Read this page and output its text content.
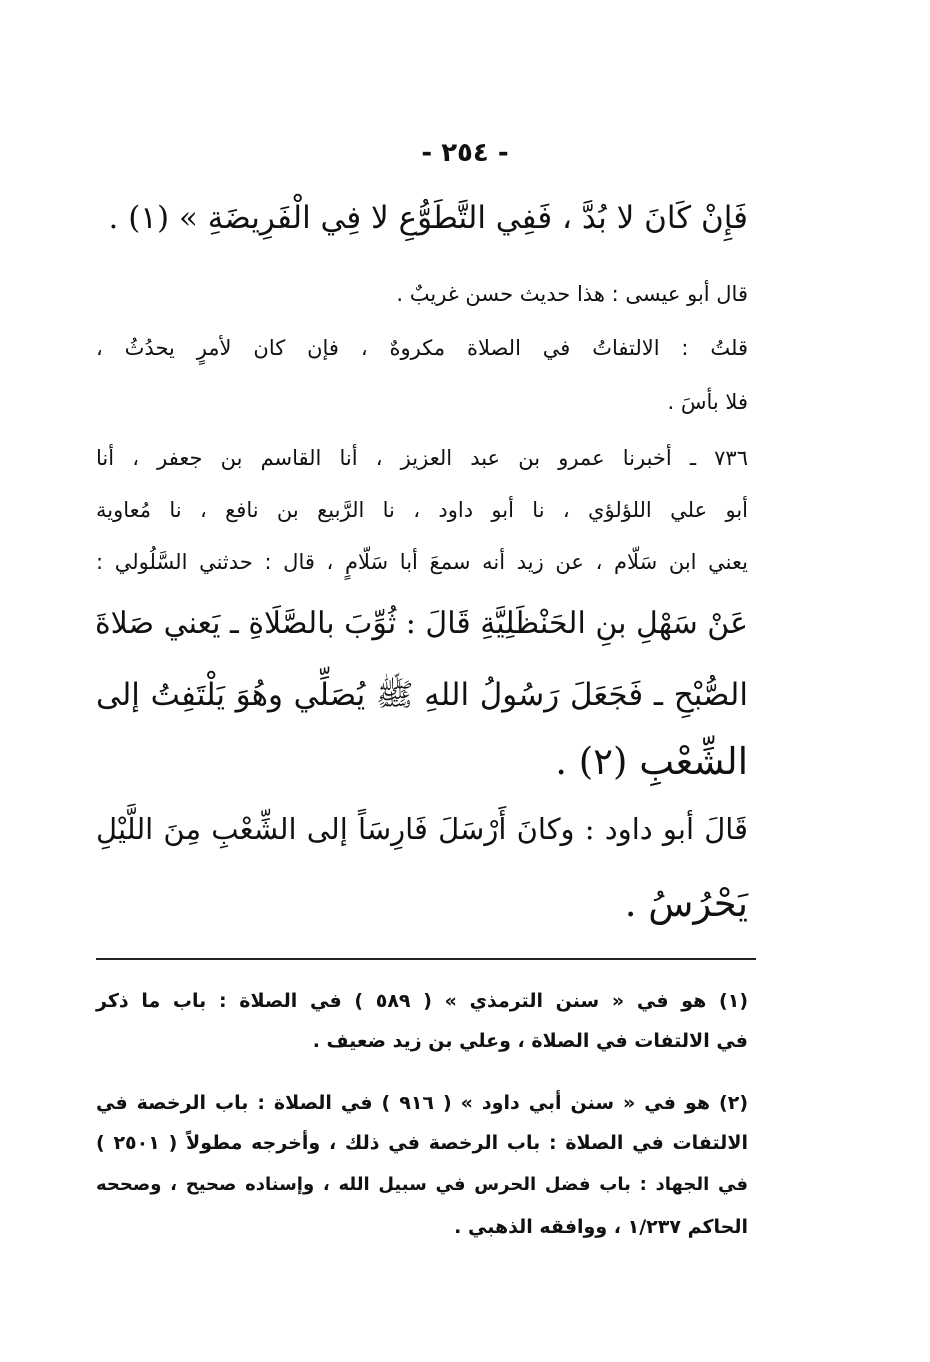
- ٢٥٤ -
فَإِنْ كَانَ لا بُدَّ ، فَفِي التَّطَوُّعِ لا فِي الْفَرِيضَةِ » (١) .
قال أبو عيسى : هذا حديث حسن غريبٌ .
قلتُ : الالتفاتُ في الصلاة مكروهٌ ، فإن كان لأمرٍ يحدُثُ ،
فلا بأسَ .
٧٣٦ ـ أخبرنا عمرو بن عبد العزيز ، أنا القاسم بن جعفر ، أنا
أبو علي اللؤلؤي ، نا أبو داود ، نا الرَّبيع بن نافع ، نا مُعاوية
يعني ابن سَلّام ، عن زيد أنه سمعَ أبا سَلّامٍ ، قال : حدثني السَّلُولي :
عَنْ سَهْلِ بنِ الحَنْظَلِيَّةِ قَالَ : ثُوِّبَ بالصَّلَاةِ ـ يَعني صَلاةَ
الصُّبْحِ ـ فَجَعَلَ رَسُولُ اللهِ ﷺ يُصَلِّي وهُوَ يَلْتَفِتُ إلى
الشِّعْبِ (٢) .
قَالَ أبو داود : وكانَ أَرْسَلَ فَارِسَاً إلى الشِّعْبِ مِنَ اللَّيْلِ
يَحْرُسُ .
(١) هو في « سنن الترمذي » ( ٥٨٩ ) في الصلاة : باب ما ذكر
في الالتفات في الصلاة ، وعلي بن زيد ضعيف .
(٢) هو في « سنن أبي داود » ( ٩١٦ ) في الصلاة : باب الرخصة في
الالتفات في الصلاة : باب الرخصة في ذلك ، وأخرجه مطولاً ( ٢٥٠١ )
في الجهاد : باب فضل الحرس في سبيل الله ، وإسناده صحيح ، وصححه
الحاكم ١/٢٣٧ ، ووافقه الذهبي .
